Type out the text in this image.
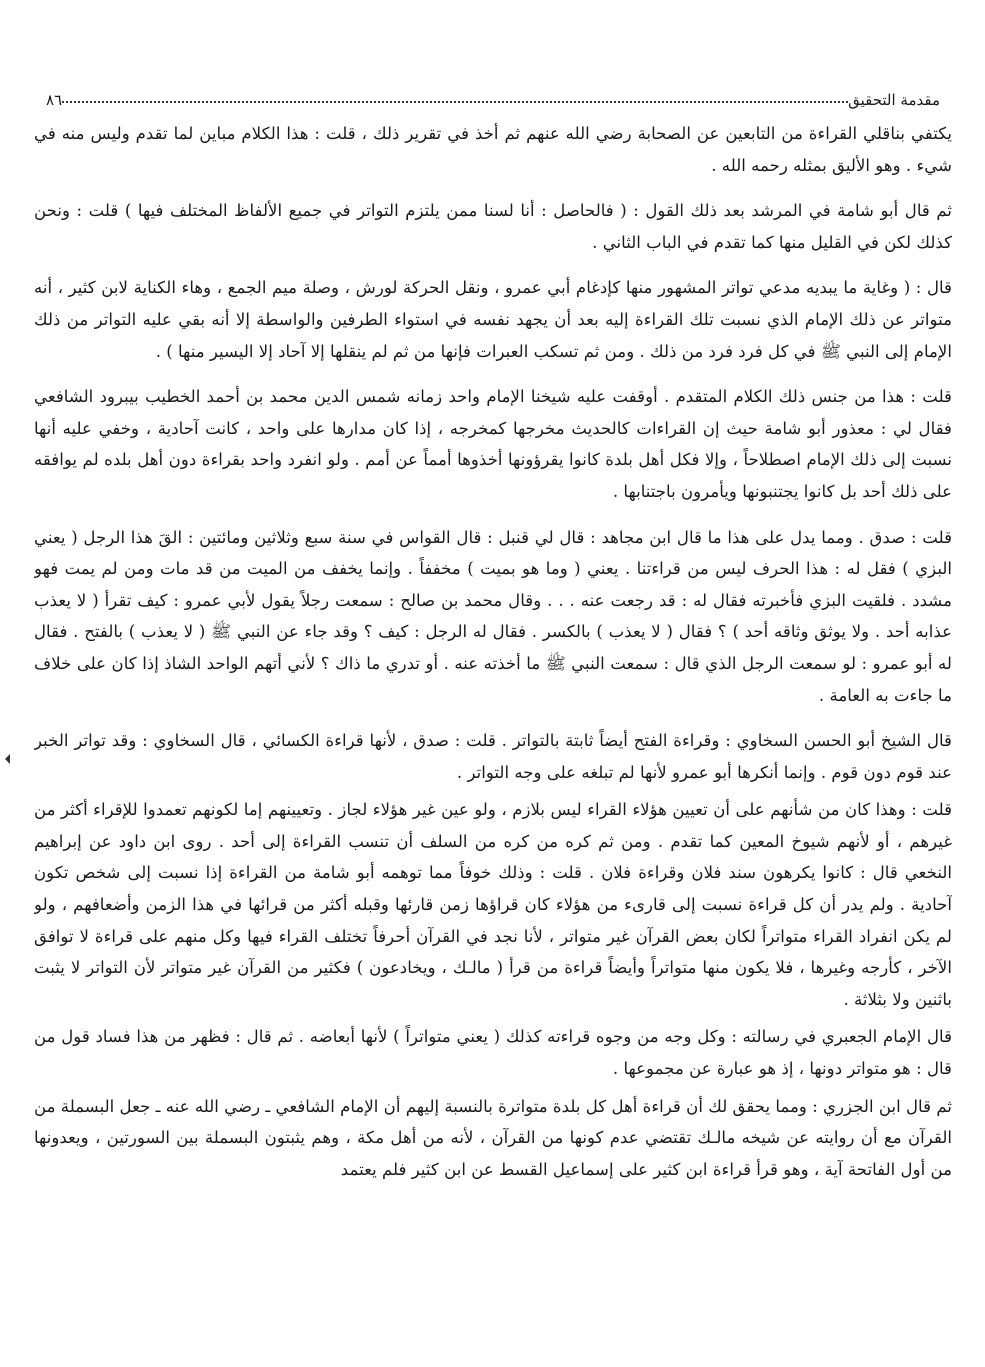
مقدمة التحقيق
٨٦

يكتفي بناقلي القراءة من التابعين عن الصحابة رضي الله عنهم ثم أخذ في تقرير ذلك ، قلت : هذا الكلام مباين لما تقدم وليس منه في شيء . وهو الأليق بمثله رحمه الله .

ثم قال أبو شامة في المرشد بعد ذلك القول : ( فالحاصل : أنا لسنا ممن يلتزم التواتر في جميع الألفاظ المختلف فيها ) قلت : ونحن كذلك لكن في القليل منها كما تقدم في الباب الثاني .

قال : ( وغاية ما يبديه مدعي تواتر المشهور منها كإدغام أبي عمرو ، ونقل الحركة لورش ، وصلة ميم الجمع ، وهاء الكناية لابن كثير ، أنه متواتر عن ذلك الإمام الذي نسبت تلك القراءة إليه بعد أن يجهد نفسه في استواء الطرفين والواسطة إلا أنه بقي عليه التواتر من ذلك الإمام إلى النبي ﷺ في كل فرد فرد من ذلك . ومن ثم تسكب العبرات فإنها من ثم لم ينقلها إلا آحاد إلا اليسير منها ) .

قلت : هذا من جنس ذلك الكلام المتقدم . أوقفت عليه شيخنا الإمام واحد زمانه شمس الدين محمد بن أحمد الخطيب بيبرود الشافعي فقال لي : معذور أبو شامة حيث إن القراءات كالحديث مخرجها كمخرجه ، إذا كان مدارها على واحد ، كانت آحادية ، وخفي عليه أنها نسبت إلى ذلك الإمام اصطلاحاً ، وإلا فكل أهل بلدة كانوا يقرؤونها أخذوها أمماً عن أمم . ولو انفرد واحد بقراءة دون أهل بلده لم يوافقه على ذلك أحد بل كانوا يجتنبونها ويأمرون باجتنابها .

قلت : صدق . ومما يدل على هذا ما قال ابن مجاهد : قال لي قنبل : قال القواس في سنة سبع وثلاثين ومائتين : القَ هذا الرجل ( يعني البزي ) فقل له : هذا الحرف ليس من قراءتنا . يعني ( وما هو بميت ) مخففاً . وإنما يخفف من الميت من قد مات ومن لم يمت فهو مشدد . فلقيت البزي فأخبرته فقال له : قد رجعت عنه . . . وقال محمد بن صالح : سمعت رجلاً يقول لأبي عمرو : كيف تقرأ ( لا يعذب عذابه أحد . ولا يوثق وثاقه أحد ) ؟ فقال ( لا يعذب ) بالكسر . فقال له الرجل : كيف ؟ وقد جاء عن النبي ﷺ ( لا يعذب ) بالفتح . فقال له أبو عمرو : لو سمعت الرجل الذي قال : سمعت النبي ﷺ ما أخذته عنه . أو تدري ما ذاك ؟ لأني أتهم الواحد الشاذ إذا كان على خلاف ما جاءت به العامة .

قال الشيخ أبو الحسن السخاوي : وقراءة الفتح أيضاً ثابتة بالتواتر . قلت : صدق ، لأنها قراءة الكسائي ، قال السخاوي : وقد تواتر الخبر عند قوم دون قوم . وإنما أنكرها أبو عمرو لأنها لم تبلغه على وجه التواتر .

قلت : وهذا كان من شأنهم على أن تعيين هؤلاء القراء ليس بلازم ، ولو عين غير هؤلاء لجاز . وتعيينهم إما لكونهم تعمدوا للإقراء أكثر من غيرهم ، أو لأنهم شيوخ المعين كما تقدم . ومن ثم كره من كره من السلف أن تنسب القراءة إلى أحد . روى ابن داود عن إبراهيم النخعي قال : كانوا يكرهون سند فلان وقراءة فلان . قلت : وذلك خوفاً مما توهمه أبو شامة من القراءة إذا نسبت إلى شخص تكون آحادية . ولم يدر أن كل قراءة نسبت إلى قارىء من هؤلاء كان قراؤها زمن قارئها وقبله أكثر من قرائها في هذا الزمن وأضعافهم ، ولو لم يكن انفراد القراء متواتراً لكان بعض القرآن غير متواتر ، لأنا نجد في القرآن أحرفاً تختلف القراء فيها وكل منهم على قراءة لا توافق الآخر ، كأرجه وغيرها ، فلا يكون منها متواتراً وأيضاً قراءة من قرأ ( مالـك ، ويخادعون ) فكثير من القرآن غير متواتر لأن التواتر لا يثبت باثنين ولا بثلاثة .

قال الإمام الجعبري في رسالته : وكل وجه من وجوه قراءته كذلك ( يعني متواتراً ) لأنها أبعاضه . ثم قال : فظهر من هذا فساد قول من قال : هو متواتر دونها ، إذ هو عبارة عن مجموعها .

ثم قال ابن الجزري : ومما يحقق لك أن قراءة أهل كل بلدة متواترة بالنسبة إليهم أن الإمام الشافعي ـ رضي الله عنه ـ جعل البسملة من القرآن مع أن روايته عن شيخه مالـك تقتضي عدم كونها من القرآن ، لأنه من أهل مكة ، وهم يثبتون البسملة بين السورتين ، ويعدونها من أول الفاتحة آية ، وهو قرأ قراءة ابن كثير على إسماعيل القسط عن ابن كثير فلم يعتمد
